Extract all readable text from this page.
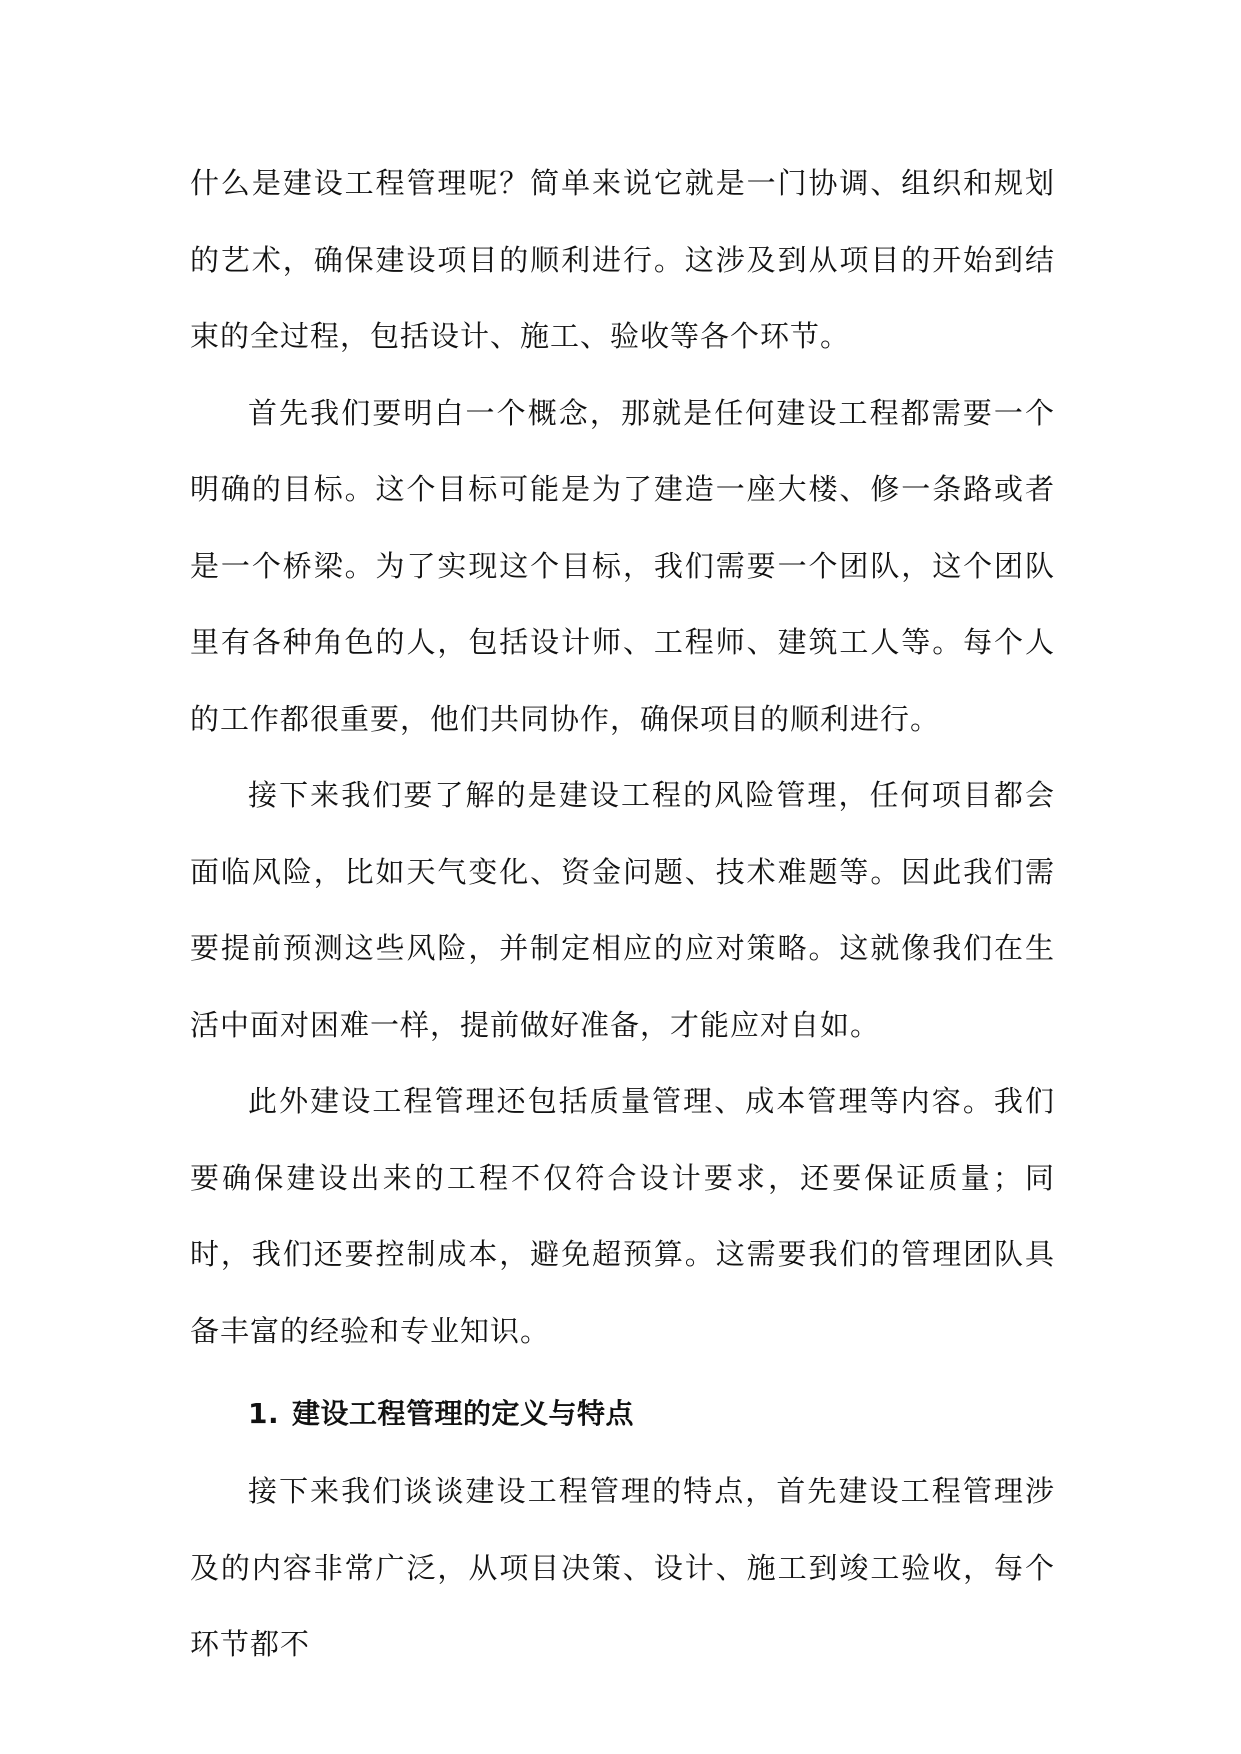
什么是建设工程管理呢？简单来说它就是一门协调、组织和规划的艺术，确保建设项目的顺利进行。这涉及到从项目的开始到结束的全过程，包括设计、施工、验收等各个环节。

首先我们要明白一个概念，那就是任何建设工程都需要一个明确的目标。这个目标可能是为了建造一座大楼、修一条路或者是一个桥梁。为了实现这个目标，我们需要一个团队，这个团队里有各种角色的人，包括设计师、工程师、建筑工人等。每个人的工作都很重要，他们共同协作，确保项目的顺利进行。

接下来我们要了解的是建设工程的风险管理，任何项目都会面临风险，比如天气变化、资金问题、技术难题等。因此我们需要提前预测这些风险，并制定相应的应对策略。这就像我们在生活中面对困难一样，提前做好准备，才能应对自如。

此外建设工程管理还包括质量管理、成本管理等内容。我们要确保建设出来的工程不仅符合设计要求，还要保证质量；同时，我们还要控制成本，避免超预算。这需要我们的管理团队具备丰富的经验和专业知识。

1. 建设工程管理的定义与特点

接下来我们谈谈建设工程管理的特点，首先建设工程管理涉及的内容非常广泛，从项目决策、设计、施工到竣工验收，每个环节都不
